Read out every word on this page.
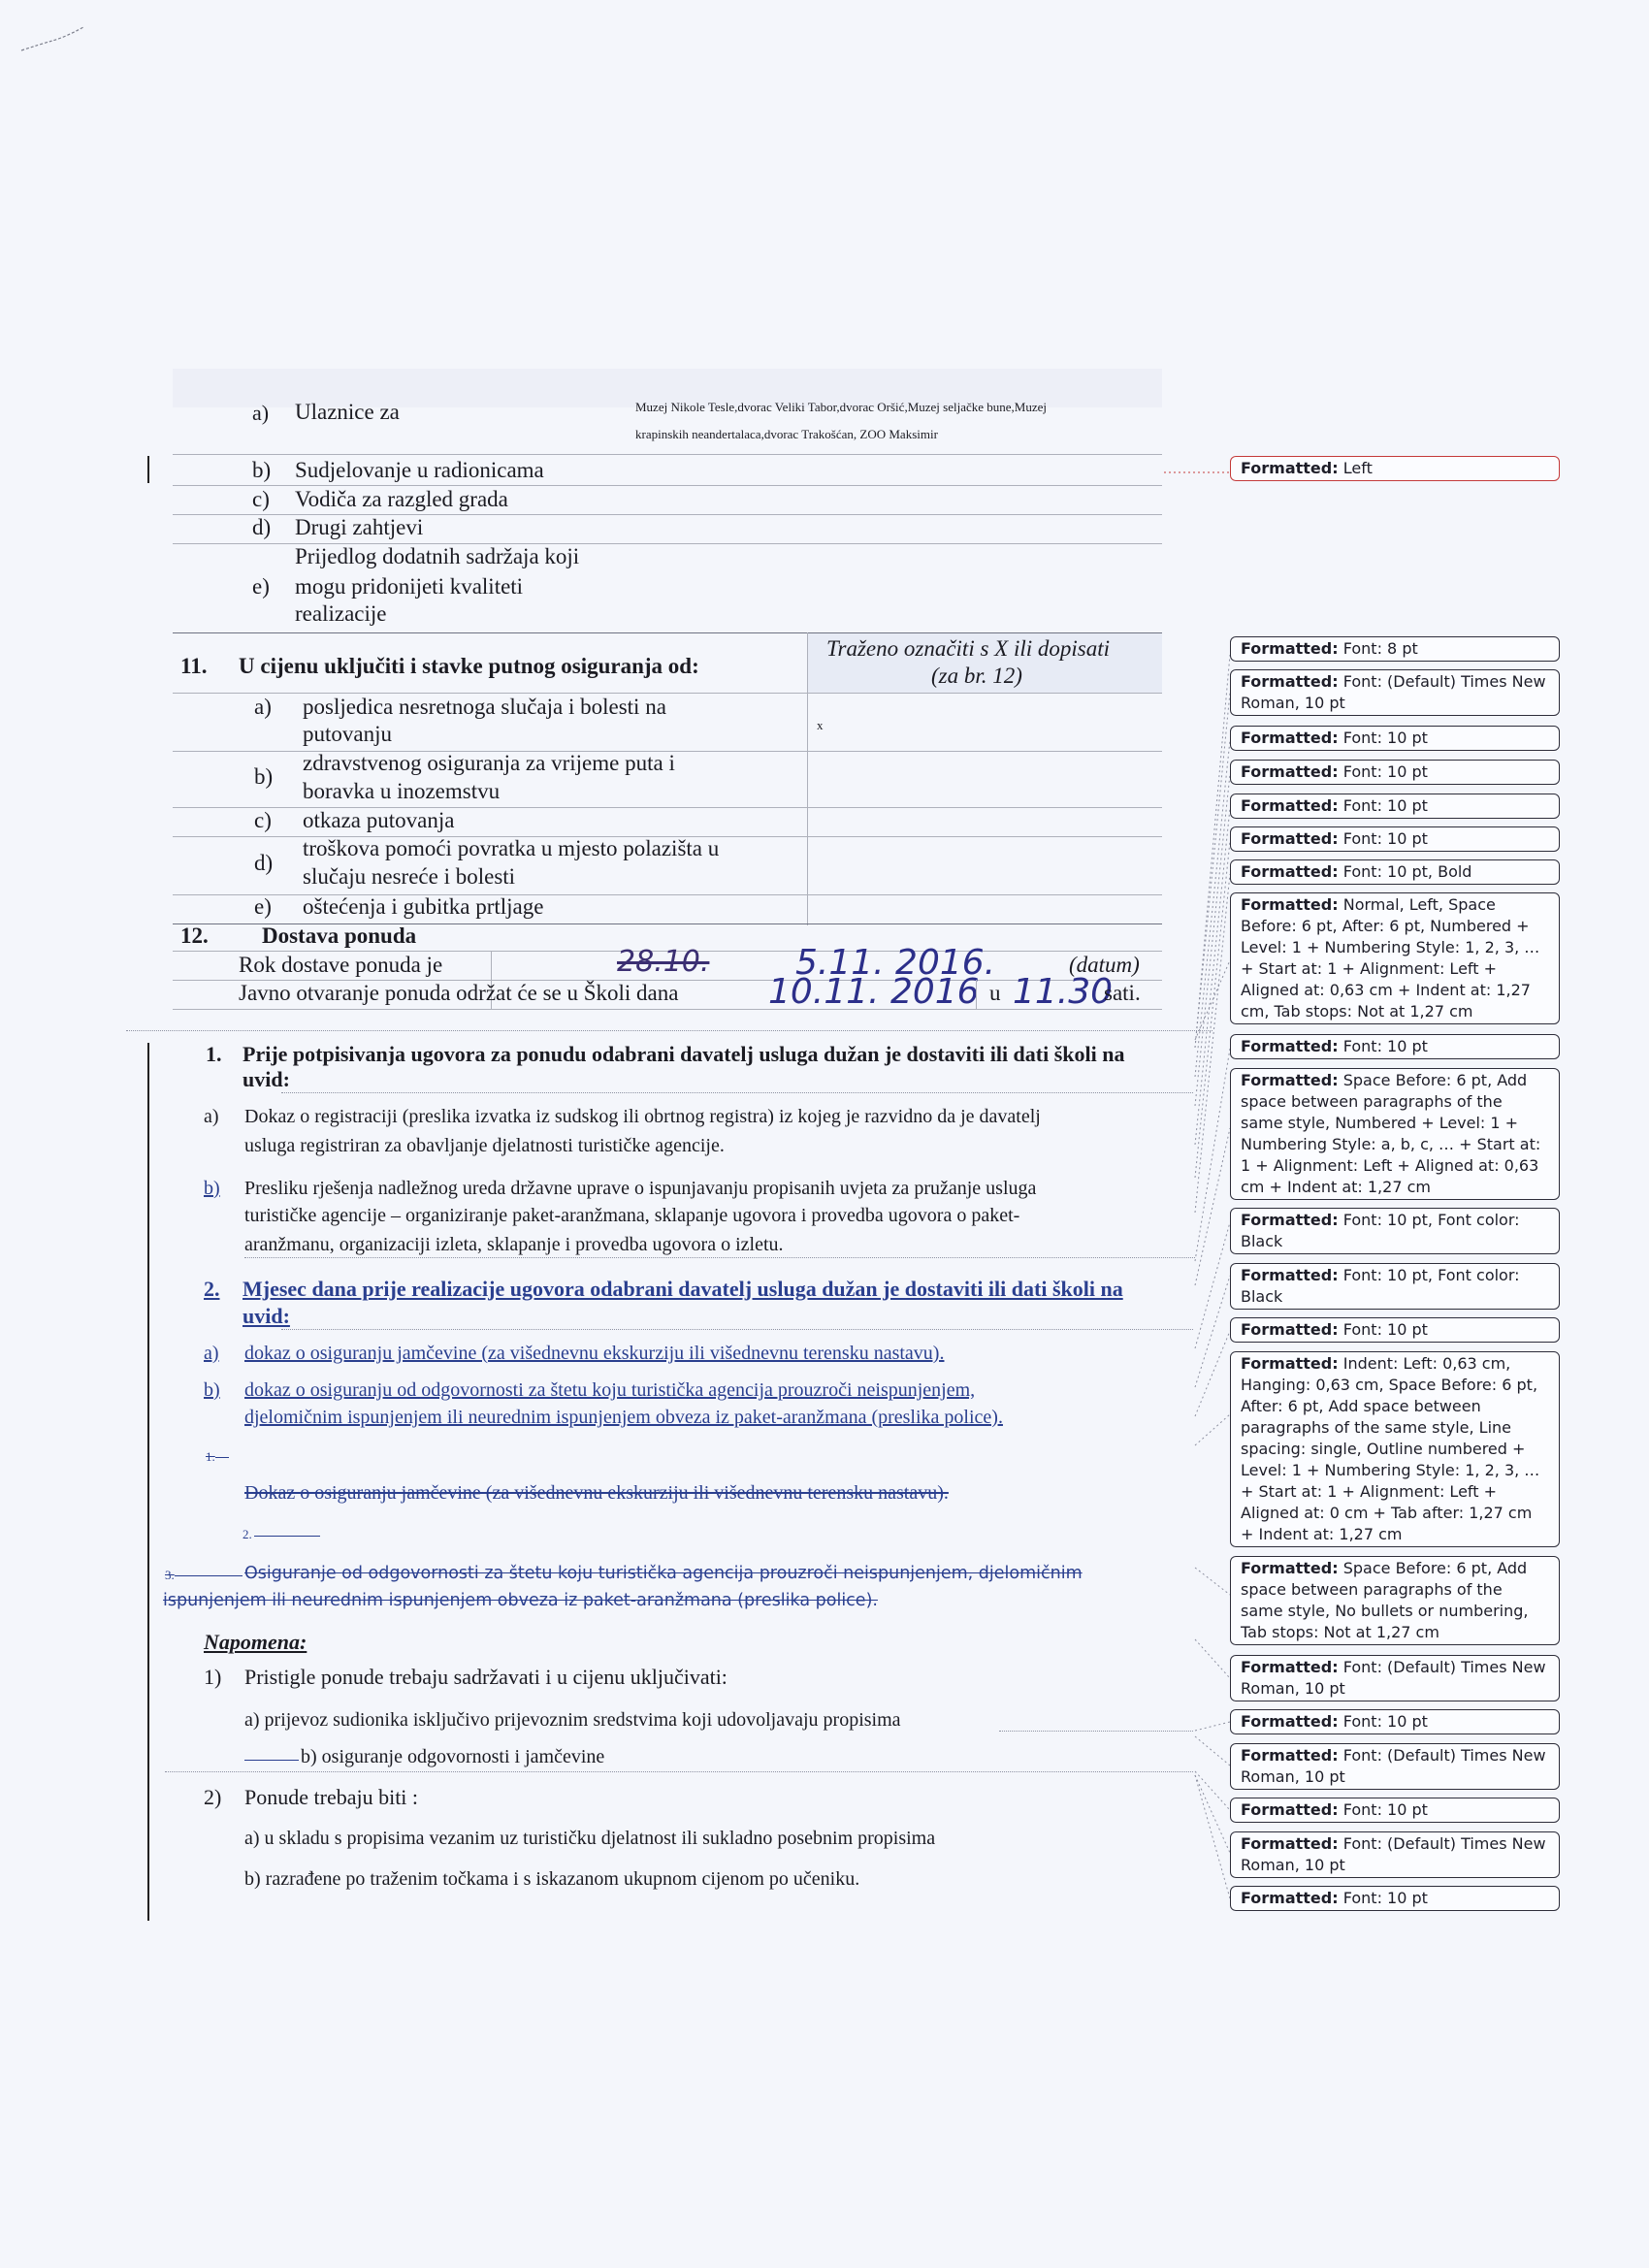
a) Ulaznice za	Muzej Nikole Tesle,dvorac Veliki Tabor,dvorac Oršić,Muzej seljačke bune,Muzej
krapinskih neandertalaca,dvorac Trakošćan, ZOO Maksimir
b) Sudjelovanje u radionicama
c) Vodiča za razgled grada
d) Drugi zahtjevi
Prijedlog dodatnih sadržaja koji
e) mogu pridonijeti kvaliteti
realizacije
11. U cijenu uključiti i stavke putnog osiguranja od:
Traženo označiti s X ili dopisati
(za br. 12)
a) posljedica nesretnoga slučaja i bolesti na
putovanju	x
zdravstvenog osiguranja za vrijeme puta i
b)
boravka u inozemstvu
c) otkaza putovanja
troškova pomoći povratka u mjesto polazišta u
d)
slučaju nesreće i bolesti
e) oštećenja i gubitka prtljage
12. Dostava ponuda
Rok dostave ponuda je	28.10. 5.11. 2016.	(datum)
Javno otvaranje ponuda održat će se u Školi dana	10.11. 2016 u 11.30
sati.
1. Prije potpisivanja ugovora za ponudu odabrani davatelj usluga dužan je dostaviti ili dati školi na
uvid:
a) Dokaz o registraciji (preslika izvatka iz sudskog ili obrtnog registra) iz kojeg je razvidno da je davatelj
usluga registriran za obavljanje djelatnosti turističke agencije.
b) Presliku rješenja nadležnog ureda državne uprave o ispunjavanju propisanih uvjeta za pružanje usluga
turističke agencije – organiziranje paket-aranžmana, sklapanje ugovora i provedba ugovora o paket-
aranžmanu, organizaciji izleta, sklapanje i provedba ugovora o izletu.
2. Mjesec dana prije realizacije ugovora odabrani davatelj usluga dužan je dostaviti ili dati školi na
uvid:
a) dokaz o osiguranju jamčevine (za višednevnu ekskurziju ili višednevnu terensku nastavu).
b) dokaz o osiguranju od odgovornosti za štetu koju turistička agencija prouzroči neispunjenjem,
djelomičnim ispunjenjem ili neurednim ispunjenjem obveza iz paket-aranžmana (preslika police).
1.
Dokaz o osiguranju jamčevine (za višednevnu ekskurziju ili višednevnu terensku nastavu).
2.
3.	Osiguranje od odgovornosti za štetu koju turistička agencija prouzroči neispunjenjem, djelomičnim
ispunjenjem ili neurednim ispunjenjem obveza iz paket-aranžmana (preslika police).
Napomena:
1) Pristigle ponude trebaju sadržavati i u cijenu uključivati:
a) prijevoz sudionika isključivo prijevoznim sredstvima koji udovoljavaju propisima
b) osiguranje odgovornosti i jamčevine
2) Ponude trebaju biti :
a) u skladu s propisima vezanim uz turističku djelatnost ili sukladno posebnim propisima
b) razrađene po traženim točkama i s iskazanom ukupnom cijenom po učeniku.
Formatted: Left
Formatted: Font: 8 pt
Formatted: Font: (Default) Times New Roman, 10 pt
Formatted: Font: 10 pt
Formatted: Font: 10 pt
Formatted: Font: 10 pt
Formatted: Font: 10 pt
Formatted: Font: 10 pt, Bold
Formatted: Normal, Left, Space Before: 6 pt, After: 6 pt, Numbered + Level: 1 + Numbering Style: 1, 2, 3, … + Start at: 1 + Alignment: Left + Aligned at: 0,63 cm + Indent at: 1,27 cm, Tab stops: Not at 1,27 cm
Formatted: Font: 10 pt
Formatted: Space Before: 6 pt, Add space between paragraphs of the same style, Numbered + Level: 1 + Numbering Style: a, b, c, … + Start at: 1 + Alignment: Left + Aligned at: 0,63 cm + Indent at: 1,27 cm
Formatted: Font: 10 pt, Font color: Black
Formatted: Font: 10 pt, Font color: Black
Formatted: Font: 10 pt
Formatted: Indent: Left: 0,63 cm, Hanging: 0,63 cm, Space Before: 6 pt, After: 6 pt, Add space between paragraphs of the same style, Line spacing: single, Outline numbered + Level: 1 + Numbering Style: 1, 2, 3, … + Start at: 1 + Alignment: Left + Aligned at: 0 cm + Tab after: 1,27 cm + Indent at: 1,27 cm
Formatted: Space Before: 6 pt, Add space between paragraphs of the same style, No bullets or numbering, Tab stops: Not at 1,27 cm
Formatted: Font: (Default) Times New Roman, 10 pt
Formatted: Font: 10 pt
Formatted: Font: (Default) Times New Roman, 10 pt
Formatted: Font: 10 pt
Formatted: Font: (Default) Times New Roman, 10 pt
Formatted: Font: 10 pt
